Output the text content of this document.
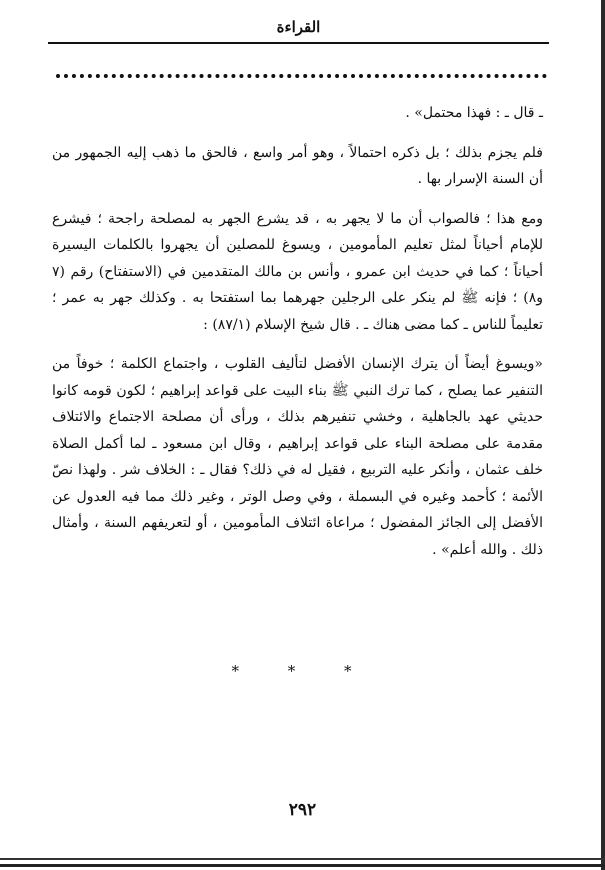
القراءة

ـ قال ـ : فهذا محتمل» .

فلم يجزم بذلك ؛ بل ذكره احتمالاً ، وهو أمر واسع ، فالحق ما ذهب إليه الجمهور من أن السنة الإسرار بها .

ومع هذا ؛ فالصواب أن ما لا يجهر به ، قد يشرع الجهر به لمصلحة راجحة ؛ فيشرع للإمام أحياناً لمثل تعليم المأمومين ، ويسوغ للمصلين أن يجهروا بالكلمات اليسيرة أحياناً ؛ كما في حديث ابن عمرو ، وأنس بن مالك المتقدمين في (الاستفتاح) رقم (٧ و٨) ؛ فإنه ﷺ لم ينكر على الرجلين جهرهما بما استفتحا به . وكذلك جهر به عمر ؛ تعليماً للناس ـ كما مضى هناك ـ . قال شيخ الإسلام (٨٧/١) :

«ويسوغ أيضاً أن يترك الإنسان الأفضل لتأليف القلوب ، واجتماع الكلمة ؛ خوفاً من التنفير عما يصلح ، كما ترك النبي ﷺ بناء البيت على قواعد إبراهيم ؛ لكون قومه كانوا حديثي عهد بالجاهلية ، وخشي تنفيرهم بذلك ، ورأى أن مصلحة الاجتماع والائتلاف مقدمة على مصلحة البناء على قواعد إبراهيم ، وقال ابن مسعود ـ لما أكمل الصلاة خلف عثمان ، وأنكر عليه التربيع ، فقيل له في ذلك؟ فقال ـ : الخلاف شر . ولهذا نصّ الأئمة ؛ كأحمد وغيره في البسملة ، وفي وصل الوتر ، وغير ذلك مما فيه العدول عن الأفضل إلى الجائز المفضول ؛ مراعاة ائتلاف المأمومين ، أو لتعريفهم السنة ، وأمثال ذلك . والله أعلم» .

* * *
٢٩٢
